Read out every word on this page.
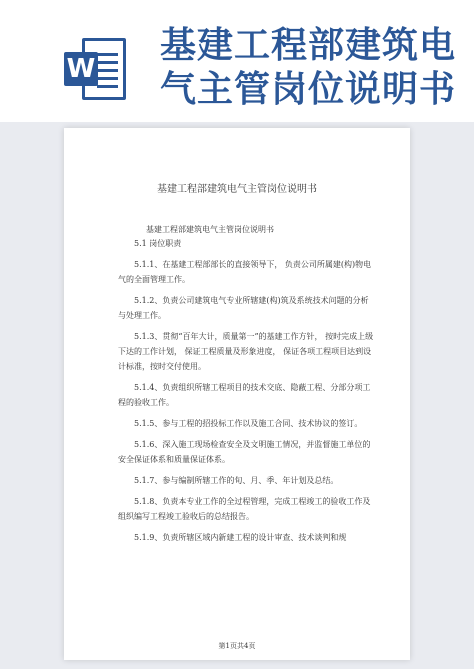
W
基建工程部建筑电气主管岗位说明书
基建工程部建筑电气主管岗位说明书
基建工程部建筑电气主管岗位说明书

5.1 岗位职责

5.1.1、在基建工程部部长的直接领导下， 负责公司所属建(构)物电气的全面管理工作。

5.1.2、负责公司建筑电气专业所辖建(构)筑及系统技术问题的分析与处理工作。

5.1.3、贯彻“百年大计，质量第一”的基建工作方针， 按时完成上级下达的工作计划， 保证工程质量及形象进度， 保证各项工程项目达到设计标准，按时交付使用。

5.1.4、负责组织所辖工程项目的技术交底、隐蔽工程、分部分项工程的验收工作。

5.1.5、参与工程的招投标工作以及施工合同、技术协议的签订。

5.1.6、深入施工现场检查安全及文明施工情况，并监督施工单位的安全保证体系和质量保证体系。

5.1.7、参与编制所辖工作的旬、月、季、年计划及总结。

5.1.8、负责本专业工作的全过程管理，完成工程竣工的验收工作及组织编写工程竣工验收后的总结报告。

5.1.9、负责所辖区域内新建工程的设计审查、技术谈判和规

第1页共4页
